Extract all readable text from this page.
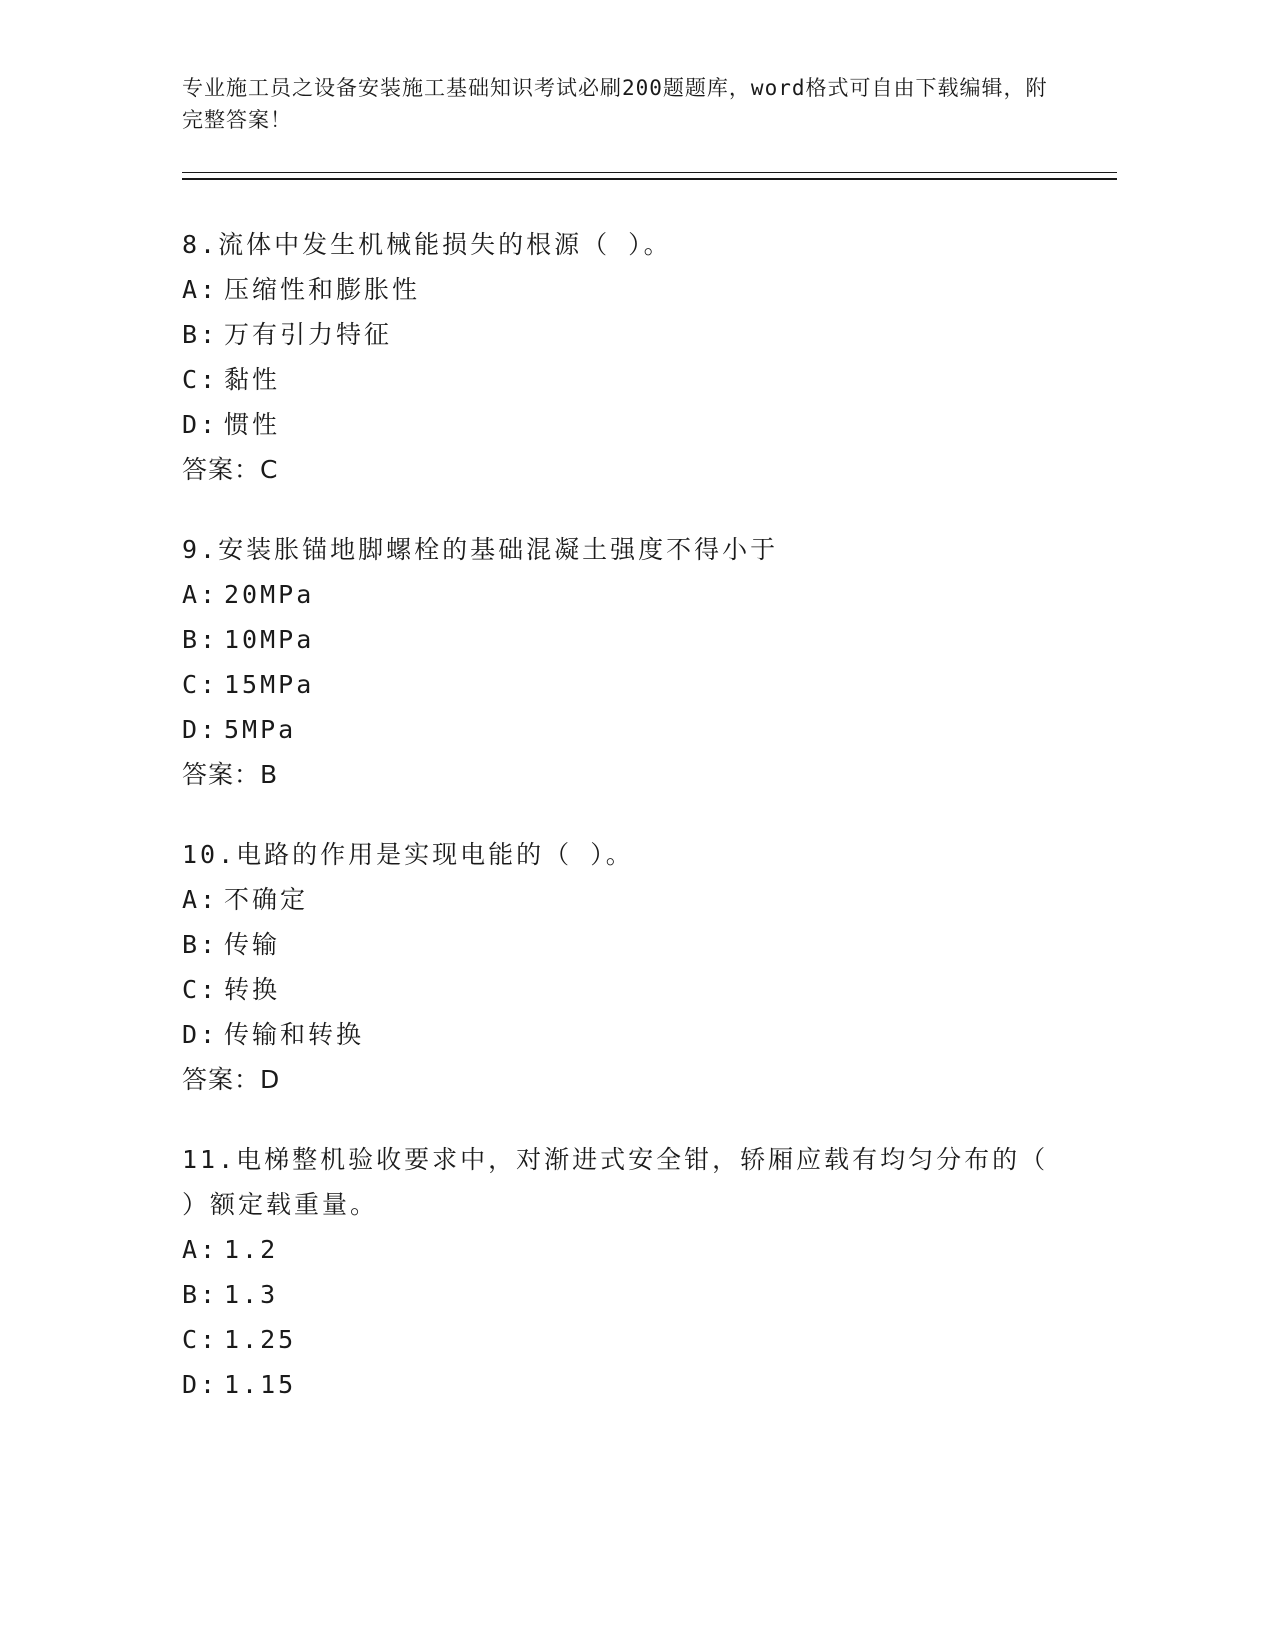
专业施工员之设备安装施工基础知识考试必刷200题题库，word格式可自由下载编辑，附完整答案！
8.流体中发生机械能损失的根源（ ）。
A: 压缩性和膨胀性
B: 万有引力特征
C: 黏性
D: 惯性
答案：C
9.安装胀锚地脚螺栓的基础混凝土强度不得小于
A: 20MPa
B: 10MPa
C: 15MPa
D: 5MPa
答案：B
10.电路的作用是实现电能的（ ）。
A: 不确定
B: 传输
C: 转换
D: 传输和转换
答案：D
11.电梯整机验收要求中，对渐进式安全钳，轿厢应载有均匀分布的（ ）额定载重量。
A: 1.2
B: 1.3
C: 1.25
D: 1.15
